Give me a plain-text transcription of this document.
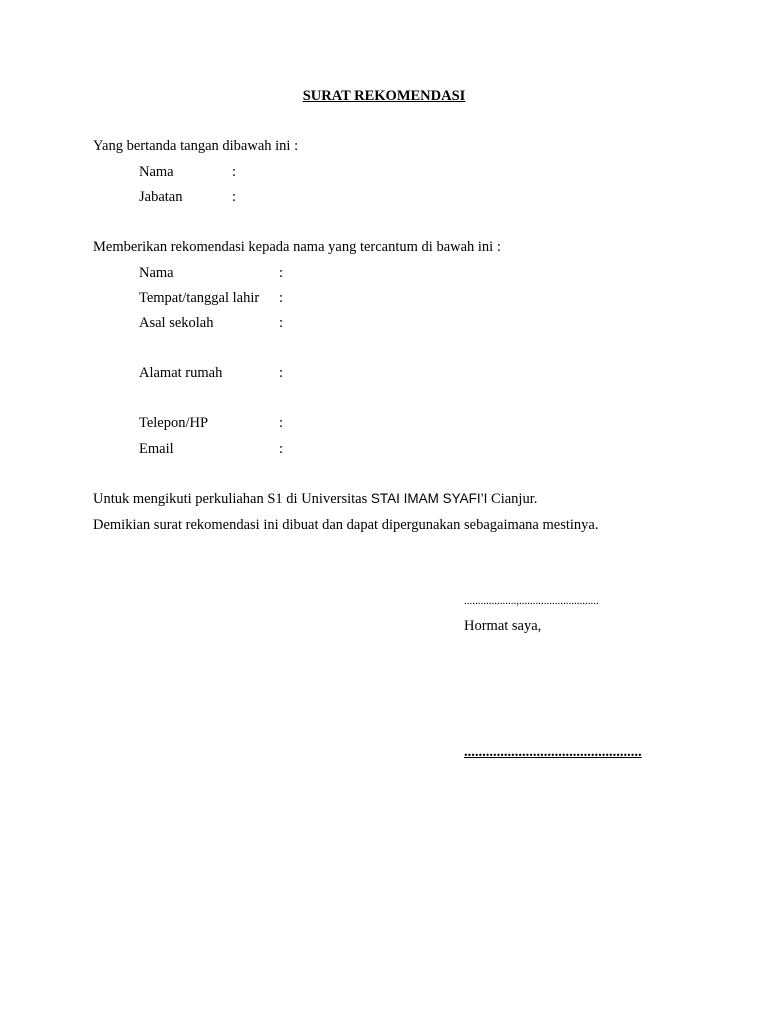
SURAT REKOMENDASI
Yang bertanda tangan dibawah ini :
Nama	:
Jabatan	:
Memberikan rekomendasi kepada nama yang tercantum di bawah ini :
Nama	:
Tempat/tanggal lahir :
Asal sekolah	:
Alamat rumah	:
Telepon/HP	:
Email	:
Untuk mengikuti perkuliahan S1 di Universitas STAI IMAM SYAFI’I Cianjur.
Demikian surat rekomendasi ini dibuat dan dapat dipergunakan sebagaimana mestinya.
...................,.............................
Hormat saya,
.................................................
